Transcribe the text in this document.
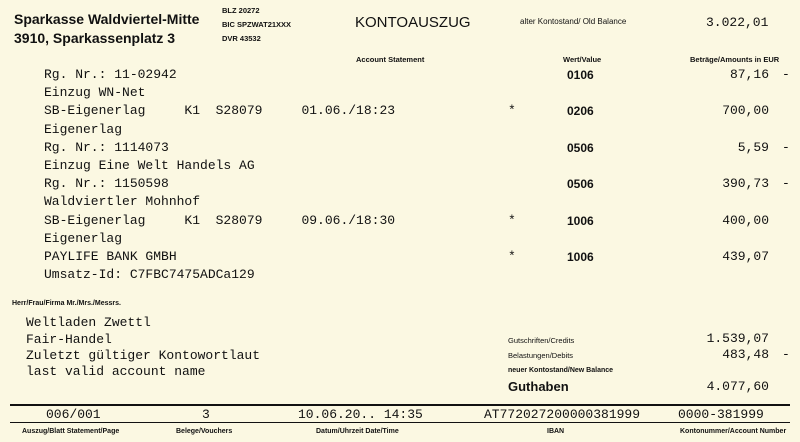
Sparkasse Waldviertel-Mitte
3910, Sparkassenplatz 3
BLZ 20272
BIC SPZWAT21XXX
DVR 43532
KONTOAUSZUG	alter Kontostand/ Old Balance	3.022,01
Account Statement	Wert/Value	Beträge/Amounts in EUR
Rg. Nr.: 11-02942	0106	87,16 -
Einzug WN-Net
SB-Eigenerlag     K1  S28079     01.06./18:23	*	0206	700,00
Eigenerlag
Rg. Nr.: 1114073	0506	5,59 -
Einzug Eine Welt Handels AG
Rg. Nr.: 1150598	0506	390,73 -
Waldviertler Mohnhof
SB-Eigenerlag     K1  S28079     09.06./18:30	*	1006	400,00
Eigenerlag
PAYLIFE BANK GMBH	*	1006	439,07
Umsatz-Id: C7FBC7475ADCa129
Herr/Frau/Firma Mr./Mrs./Messrs.
Weltladen Zwettl
Fair-Handel
Zuletzt gültiger Kontowortlaut
last valid account name
Gutschriften/Credits	1.539,07
Belastungen/Debits	483,48 -
neuer Kontostand/New Balance
Guthaben	4.077,60
006/001	3	10.06.20.. 14:35	AT772027200000381999	0000-381999
Auszug/Blatt Statement/Page	Belege/Vouchers	Datum/Uhrzeit Date/Time	IBAN	Kontonummer/Account Number
